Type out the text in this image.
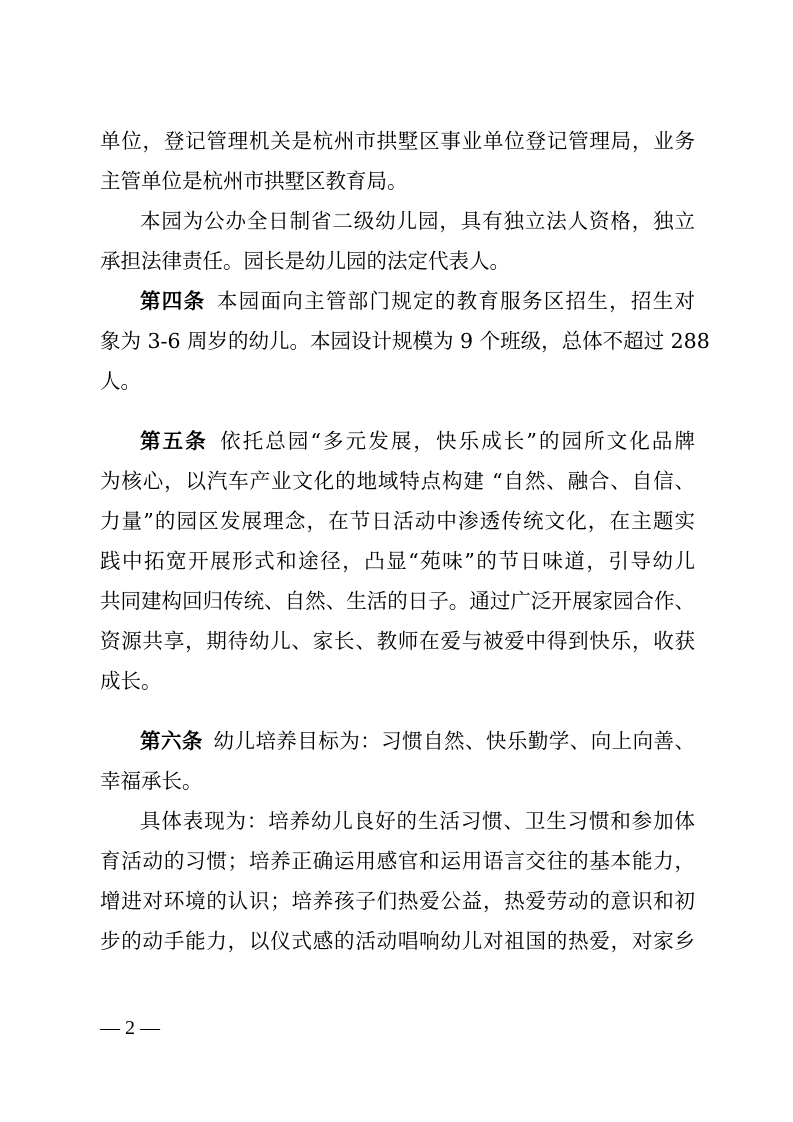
单位，登记管理机关是杭州市拱墅区事业单位登记管理局，业务
主管单位是杭州市拱墅区教育局。
本园为公办全日制省二级幼儿园，具有独立法人资格，独立
承担法律责任。园长是幼儿园的法定代表人。
第四条  本园面向主管部门规定的教育服务区招生，招生对
象为 3-6 周岁的幼儿。本园设计规模为 9 个班级，总体不超过 288
人。
第五条  依托总园“多元发展，快乐成长”的园所文化品牌
为核心，以汽车产业文化的地域特点构建 “自然、融合、自信、
力量”的园区发展理念，在节日活动中渗透传统文化，在主题实
践中拓宽开展形式和途径，凸显“苑味”的节日味道，引导幼儿
共同建构回归传统、自然、生活的日子。通过广泛开展家园合作、
资源共享，期待幼儿、家长、教师在爱与被爱中得到快乐，收获
成长。
第六条  幼儿培养目标为：习惯自然、快乐勤学、向上向善、
幸福承长。
具体表现为：培养幼儿良好的生活习惯、卫生习惯和参加体
育活动的习惯；培养正确运用感官和运用语言交往的基本能力，
增进对环境的认识；培养孩子们热爱公益，热爱劳动的意识和初
步的动手能力，以仪式感的活动唱响幼儿对祖国的热爱，对家乡
— 2 —
